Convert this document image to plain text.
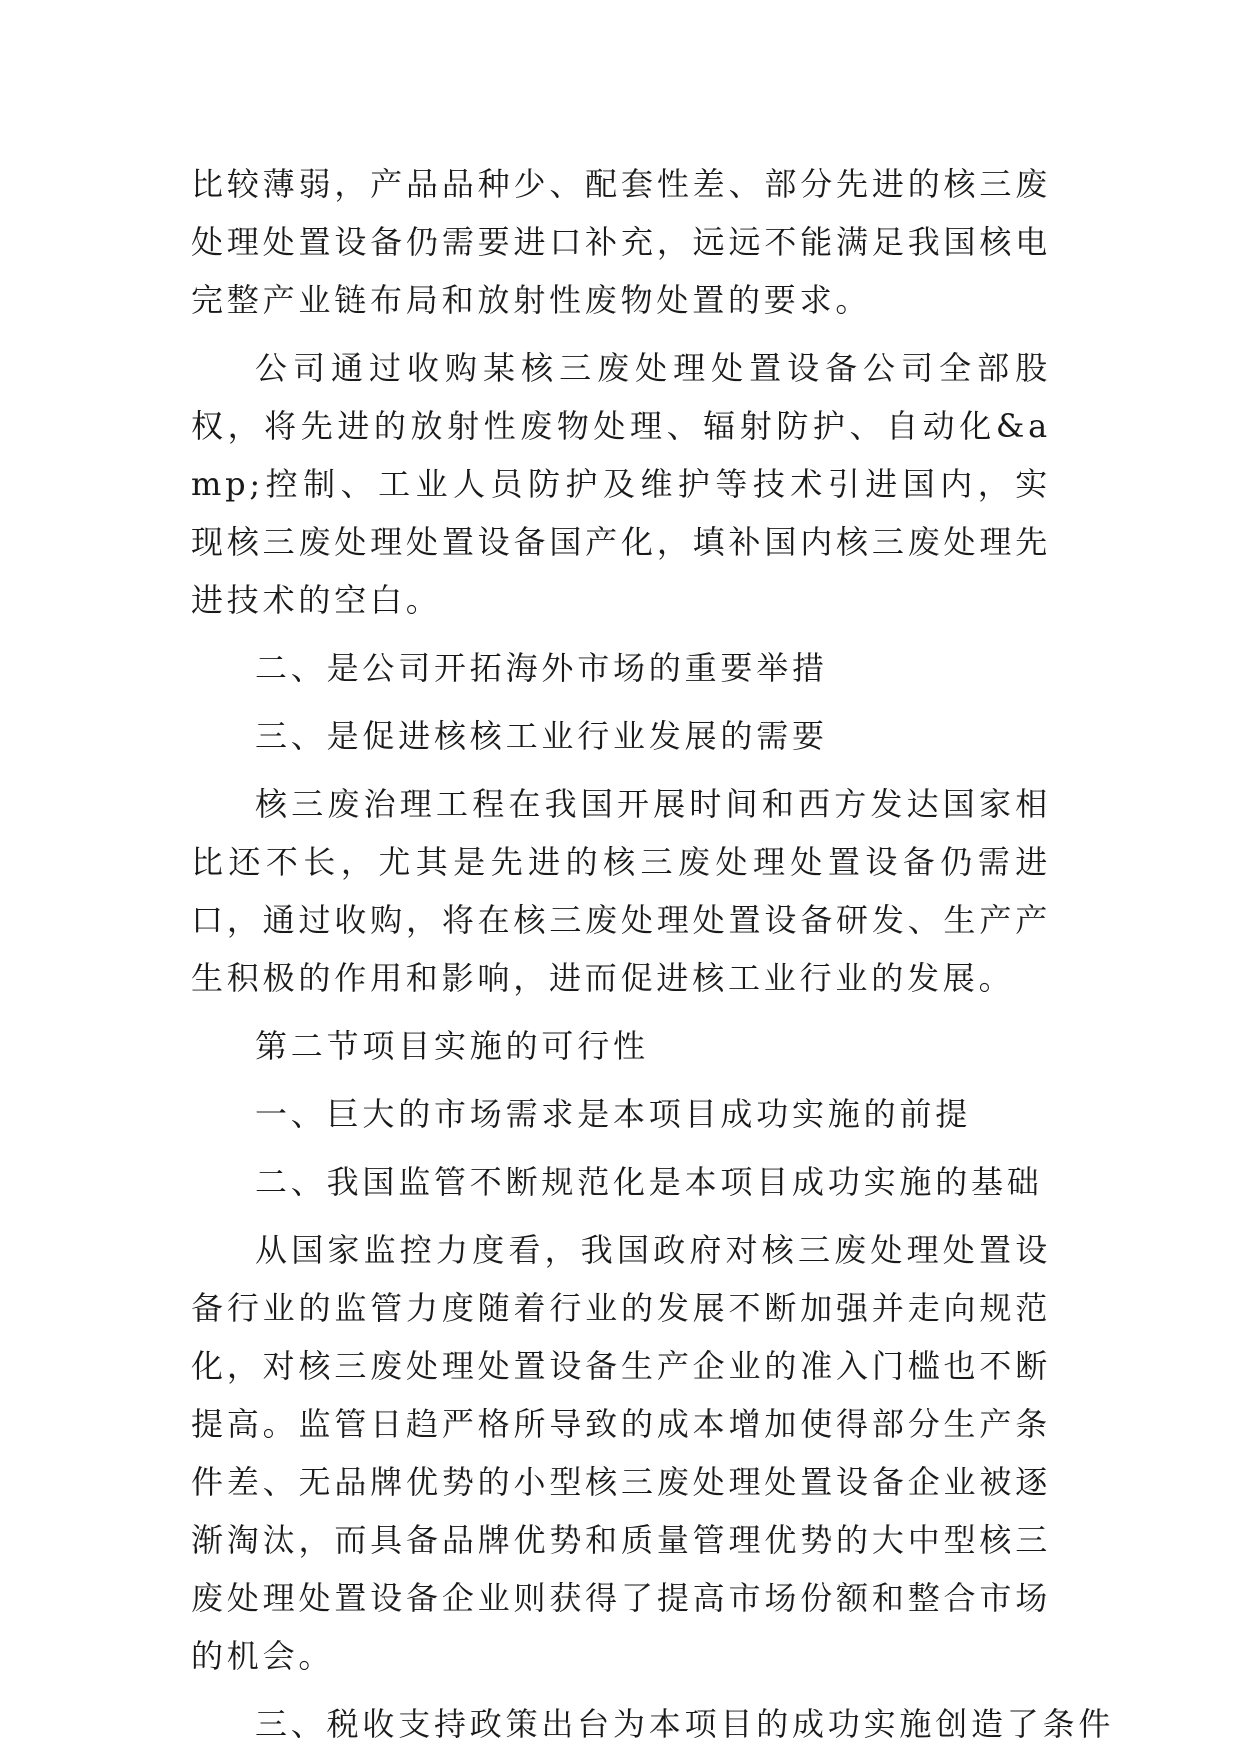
比较薄弱，产品品种少、配套性差、部分先进的核三废处理处置设备仍需要进口补充，远远不能满足我国核电完整产业链布局和放射性废物处置的要求。

公司通过收购某核三废处理处置设备公司全部股权，将先进的放射性废物处理、辐射防护、自动化&amp;控制、工业人员防护及维护等技术引进国内，实现核三废处理处置设备国产化，填补国内核三废处理先进技术的空白。

二、是公司开拓海外市场的重要举措

三、是促进核核工业行业发展的需要

核三废治理工程在我国开展时间和西方发达国家相比还不长，尤其是先进的核三废处理处置设备仍需进口，通过收购，将在核三废处理处置设备研发、生产产生积极的作用和影响，进而促进核工业行业的发展。

第二节项目实施的可行性

一、巨大的市场需求是本项目成功实施的前提

二、我国监管不断规范化是本项目成功实施的基础

从国家监控力度看，我国政府对核三废处理处置设备行业的监管力度随着行业的发展不断加强并走向规范化，对核三废处理处置设备生产企业的准入门槛也不断提高。监管日趋严格所导致的成本增加使得部分生产条件差、无品牌优势的小型核三废处理处置设备企业被逐渐淘汰，而具备品牌优势和质量管理优势的大中型核三废处理处置设备企业则获得了提高市场份额和整合市场的机会。

三、税收支持政策出台为本项目的成功实施创造了条件
